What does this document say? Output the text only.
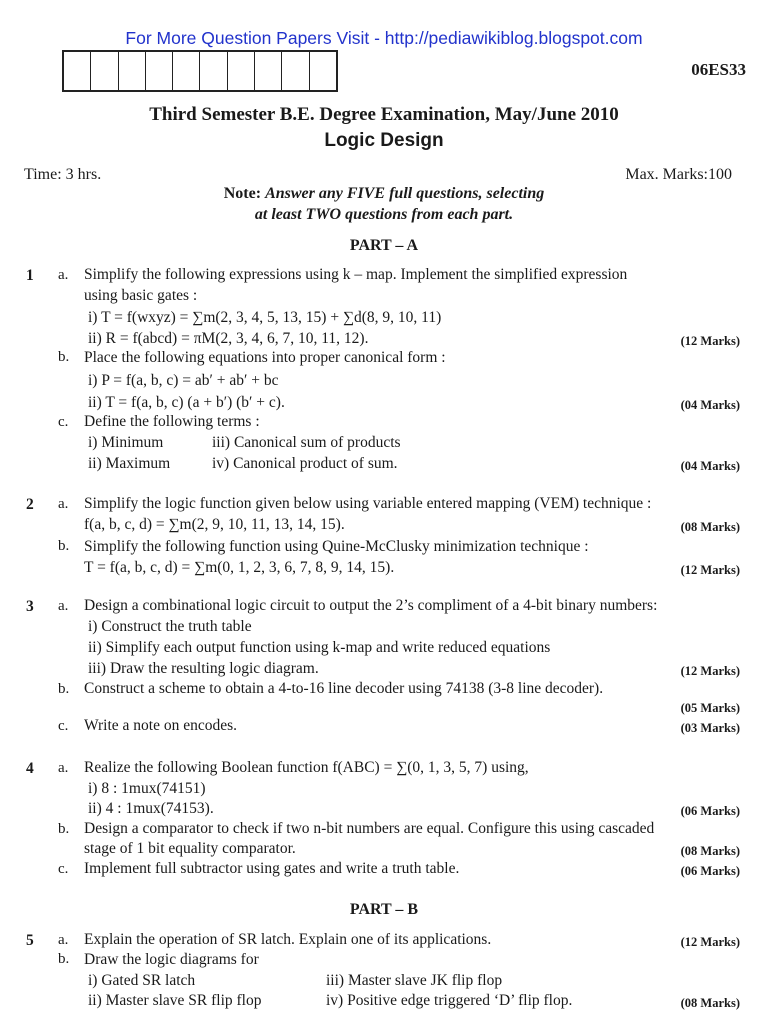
For More Question Papers Visit - http://pediawikiblog.blogspot.com
06ES33
Third Semester B.E. Degree Examination, May/June 2010
Logic Design
Time: 3 hrs.	Max. Marks:100
Note: Answer any FIVE full questions, selecting
at least TWO questions from each part.
PART – A
1 a. Simplify the following expressions using k – map. Implement the simplified expression
using basic gates :
i) T = f(wxyz) = ∑m(2, 3, 4, 5, 13, 15) + ∑d(8, 9, 10, 11)
ii) R = f(abcd) = πM(2, 3, 4, 6, 7, 10, 11, 12).	(12 Marks)
b. Place the following equations into proper canonical form :
i) P = f(a, b, c) = ab′ + ab′ + bc
ii) T = f(a, b, c) (a + b′) (b′ + c).	(04 Marks)
c. Define the following terms :
i) Minimum	iii) Canonical sum of products
ii) Maximum	iv) Canonical product of sum.	(04 Marks)
2 a. Simplify the logic function given below using variable entered mapping (VEM) technique :
f(a, b, c, d) = ∑m(2, 9, 10, 11, 13, 14, 15).	(08 Marks)
b. Simplify the following function using Quine-McClusky minimization technique :
T = f(a, b, c, d) = ∑m(0, 1, 2, 3, 6, 7, 8, 9, 14, 15).	(12 Marks)
3 a. Design a combinational logic circuit to output the 2’s compliment of a 4-bit binary numbers:
i) Construct the truth table
ii) Simplify each output function using k-map and write reduced equations
iii) Draw the resulting logic diagram.	(12 Marks)
b. Construct a scheme to obtain a 4-to-16 line decoder using 74138 (3-8 line decoder).
(05 Marks)
c. Write a note on encodes.	(03 Marks)
4 a. Realize the following Boolean function f(ABC) = ∑(0, 1, 3, 5, 7) using,
i) 8 : 1mux(74151)
ii) 4 : 1mux(74153).	(06 Marks)
b. Design a comparator to check if two n-bit numbers are equal. Configure this using cascaded
stage of 1 bit equality comparator.	(08 Marks)
c. Implement full subtractor using gates and write a truth table.	(06 Marks)
PART – B
5 a. Explain the operation of SR latch. Explain one of its applications.	(12 Marks)
b. Draw the logic diagrams for
i) Gated SR latch	iii) Master slave JK flip flop
ii) Master slave SR flip flop	iv) Positive edge triggered ‘D’ flip flop.	(08 Marks)
